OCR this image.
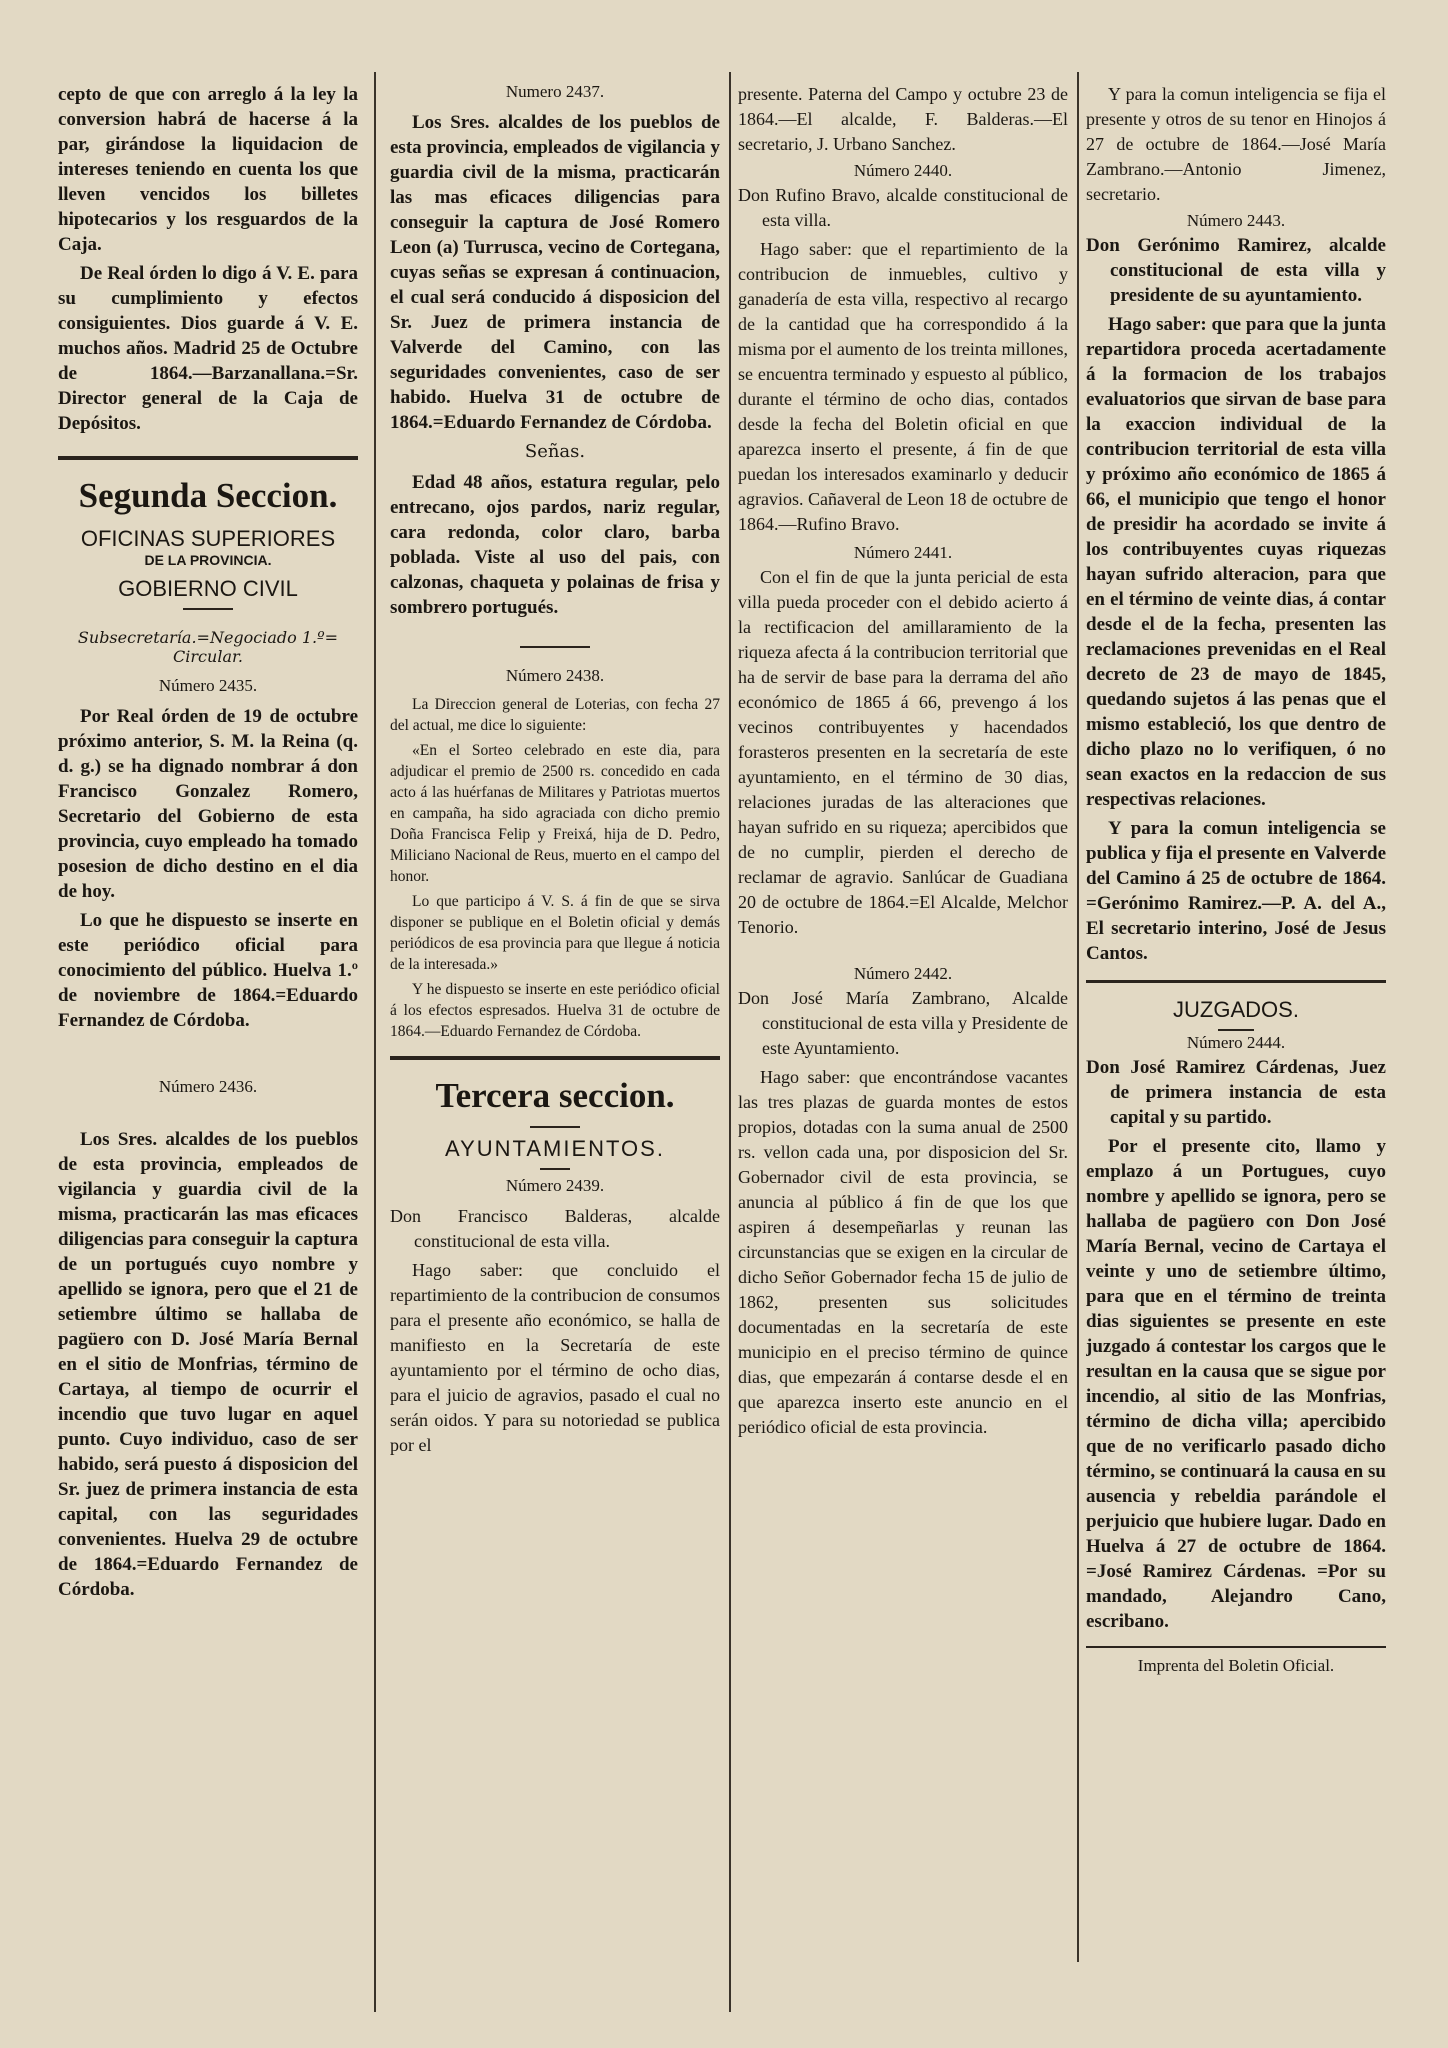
cepto de que con arreglo á la ley la conversion habrá de hacerse á la par, girándose la liquidacion de intereses teniendo en cuenta los que lleven vencidos los billetes hipotecarios y los resguardos de la Caja.

De Real órden lo digo á V. E. para su cumplimiento y efectos consiguientes. Dios guarde á V. E. muchos años. Madrid 25 de Octubre de 1864.—Barzanallana.=Sr. Director general de la Caja de Depósitos.

Segunda Seccion.
OFICINAS SUPERIORES
DE LA PROVINCIA.
GOBIERNO CIVIL
Subsecretaría.=Negociado 1.º= Circular.
Número 2435.

Por Real órden de 19 de octubre próximo anterior, S. M. la Reina (q. d. g.) se ha dignado nombrar á don Francisco Gonzalez Romero, Secretario del Gobierno de esta provincia, cuyo empleado ha tomado posesion de dicho destino en el dia de hoy.

Lo que he dispuesto se inserte en este periódico oficial para conocimiento del público. Huelva 1.º de noviembre de 1864.=Eduardo Fernandez de Córdoba.

Número 2436.

Los Sres. alcaldes de los pueblos de esta provincia, empleados de vigilancia y guardia civil de la misma, practicarán las mas eficaces diligencias para conseguir la captura de un portugués cuyo nombre y apellido se ignora, pero que el 21 de setiembre último se hallaba de pagüero con D. José María Bernal en el sitio de Monfrias, término de Cartaya, al tiempo de ocurrir el incendio que tuvo lugar en aquel punto. Cuyo individuo, caso de ser habido, será puesto á disposicion del Sr. juez de primera instancia de esta capital, con las seguridades convenientes. Huelva 29 de octubre de 1864.=Eduardo Fernandez de Córdoba.

Numero 2437.

Los Sres. alcaldes de los pueblos de esta provincia, empleados de vigilancia y guardia civil de la misma, practicarán las mas eficaces diligencias para conseguir la captura de José Romero Leon (a) Turrusca, vecino de Cortegana, cuyas señas se expresan á continuacion, el cual será conducido á disposicion del Sr. Juez de primera instancia de Valverde del Camino, con las seguridades convenientes, caso de ser habido. Huelva 31 de octubre de 1864.=Eduardo Fernandez de Córdoba.

Señas.

Edad 48 años, estatura regular, pelo entrecano, ojos pardos, nariz regular, cara redonda, color claro, barba poblada. Viste al uso del pais, con calzonas, chaqueta y polainas de frisa y sombrero portugués.

Número 2438.

La Direccion general de Loterias, con fecha 27 del actual, me dice lo siguiente:

«En el Sorteo celebrado en este dia, para adjudicar el premio de 2500 rs. concedido en cada acto á las huérfanas de Militares y Patriotas muertos en campaña, ha sido agraciada con dicho premio Doña Francisca Felip y Freixá, hija de D. Pedro, Miliciano Nacional de Reus, muerto en el campo del honor.

Lo que participo á V. S. á fin de que se sirva disponer se publique en el Boletin oficial y demás periódicos de esa provincia para que llegue á noticia de la interesada.»

Y he dispuesto se inserte en este periódico oficial á los efectos espresados. Huelva 31 de octubre de 1864.—Eduardo Fernandez de Córdoba.

Tercera seccion.
AYUNTAMIENTOS.
Número 2439.

Don Francisco Balderas, alcalde constitucional de esta villa.

Hago saber: que concluido el repartimiento de la contribucion de consumos para el presente año económico, se halla de manifiesto en la Secretaría de este ayuntamiento por el término de ocho dias, para el juicio de agravios, pasado el cual no serán oidos. Y para su notoriedad se publica por el

presente. Paterna del Campo y octubre 23 de 1864.—El alcalde, F. Balderas.—El secretario, J. Urbano Sanchez.

Número 2440.

Don Rufino Bravo, alcalde constitucional de esta villa.

Hago saber: que el repartimiento de la contribucion de inmuebles, cultivo y ganadería de esta villa, respectivo al recargo de la cantidad que ha correspondido á la misma por el aumento de los treinta millones, se encuentra terminado y espuesto al público, durante el término de ocho dias, contados desde la fecha del Boletin oficial en que aparezca inserto el presente, á fin de que puedan los interesados examinarlo y deducir agravios. Cañaveral de Leon 18 de octubre de 1864.—Rufino Bravo.

Número 2441.

Con el fin de que la junta pericial de esta villa pueda proceder con el debido acierto á la rectificacion del amillaramiento de la riqueza afecta á la contribucion territorial que ha de servir de base para la derrama del año económico de 1865 á 66, prevengo á los vecinos contribuyentes y hacendados forasteros presenten en la secretaría de este ayuntamiento, en el término de 30 dias, relaciones juradas de las alteraciones que hayan sufrido en su riqueza; apercibidos que de no cumplir, pierden el derecho de reclamar de agravio. Sanlúcar de Guadiana 20 de octubre de 1864.=El Alcalde, Melchor Tenorio.

Número 2442.

Don José María Zambrano, Alcalde constitucional de esta villa y Presidente de este Ayuntamiento.

Hago saber: que encontrándose vacantes las tres plazas de guarda montes de estos propios, dotadas con la suma anual de 2500 rs. vellon cada una, por disposicion del Sr. Gobernador civil de esta provincia, se anuncia al público á fin de que los que aspiren á desempeñarlas y reunan las circunstancias que se exigen en la circular de dicho Señor Gobernador fecha 15 de julio de 1862, presenten sus solicitudes documentadas en la secretaría de este municipio en el preciso término de quince dias, que empezarán á contarse desde el en que aparezca inserto este anuncio en el periódico oficial de esta provincia.

Y para la comun inteligencia se fija el presente y otros de su tenor en Hinojos á 27 de octubre de 1864.—José María Zambrano.—Antonio Jimenez, secretario.

Número 2443.

Don Gerónimo Ramirez, alcalde constitucional de esta villa y presidente de su ayuntamiento.

Hago saber: que para que la junta repartidora proceda acertadamente á la formacion de los trabajos evaluatorios que sirvan de base para la exaccion individual de la contribucion territorial de esta villa y próximo año económico de 1865 á 66, el municipio que tengo el honor de presidir ha acordado se invite á los contribuyentes cuyas riquezas hayan sufrido alteracion, para que en el término de veinte dias, á contar desde el de la fecha, presenten las reclamaciones prevenidas en el Real decreto de 23 de mayo de 1845, quedando sujetos á las penas que el mismo estableció, los que dentro de dicho plazo no lo verifiquen, ó no sean exactos en la redaccion de sus respectivas relaciones.

Y para la comun inteligencia se publica y fija el presente en Valverde del Camino á 25 de octubre de 1864. =Gerónimo Ramirez.—P. A. del A., El secretario interino, José de Jesus Cantos.

JUZGADOS.
Número 2444.

Don José Ramirez Cárdenas, Juez de primera instancia de esta capital y su partido.

Por el presente cito, llamo y emplazo á un Portugues, cuyo nombre y apellido se ignora, pero se hallaba de pagüero con Don José María Bernal, vecino de Cartaya el veinte y uno de setiembre último, para que en el término de treinta dias siguientes se presente en este juzgado á contestar los cargos que le resultan en la causa que se sigue por incendio, al sitio de las Monfrias, término de dicha villa; apercibido que de no verificarlo pasado dicho término, se continuará la causa en su ausencia y rebeldia parándole el perjuicio que hubiere lugar. Dado en Huelva á 27 de octubre de 1864. =José Ramirez Cárdenas. =Por su mandado, Alejandro Cano, escribano.

Imprenta del Boletin Oficial.
